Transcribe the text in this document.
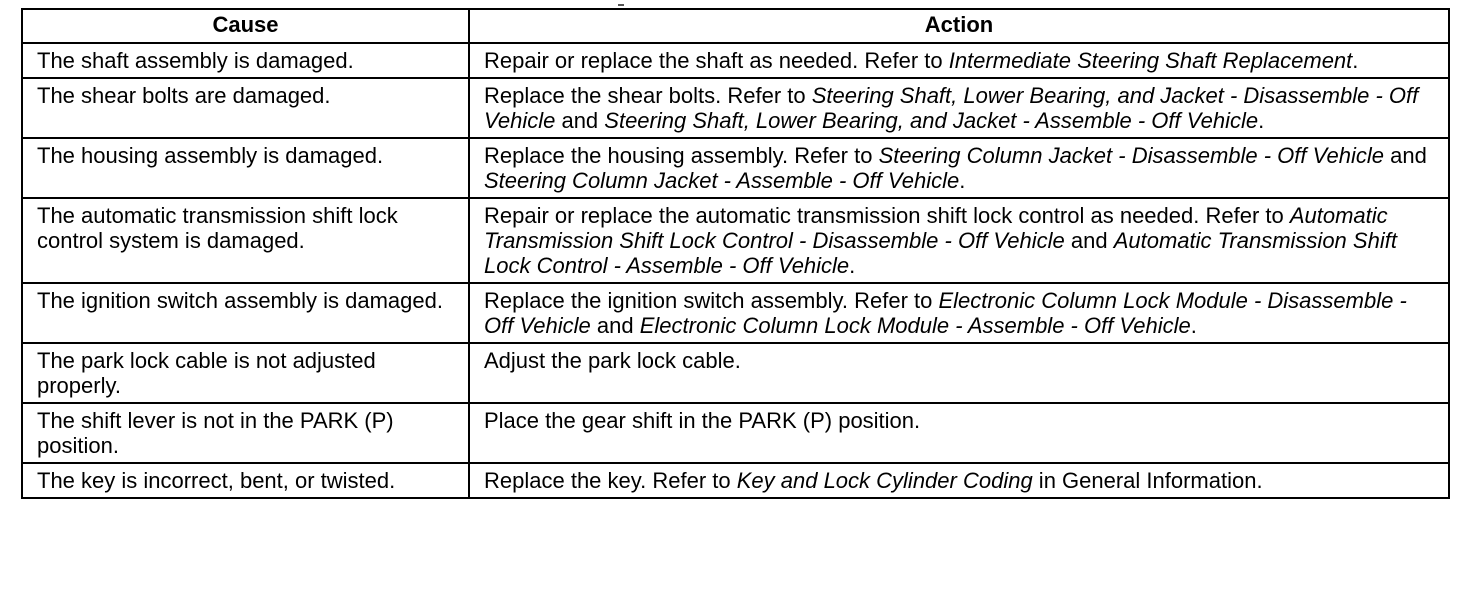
Cause	Action
The shaft assembly is damaged.	Repair or replace the shaft as needed. Refer to Intermediate Steering Shaft Replacement.
The shear bolts are damaged.	Replace the shear bolts. Refer to Steering Shaft, Lower Bearing, and Jacket - Disassemble - Off Vehicle and Steering Shaft, Lower Bearing, and Jacket - Assemble - Off Vehicle.
The housing assembly is damaged.	Replace the housing assembly. Refer to Steering Column Jacket - Disassemble - Off Vehicle and Steering Column Jacket - Assemble - Off Vehicle.
The automatic transmission shift lock control system is damaged.	Repair or replace the automatic transmission shift lock control as needed. Refer to Automatic Transmission Shift Lock Control - Disassemble - Off Vehicle and Automatic Transmission Shift Lock Control - Assemble - Off Vehicle.
The ignition switch assembly is damaged.	Replace the ignition switch assembly. Refer to Electronic Column Lock Module - Disassemble - Off Vehicle and Electronic Column Lock Module - Assemble - Off Vehicle.
The park lock cable is not adjusted properly.	Adjust the park lock cable.
The shift lever is not in the PARK (P) position.	Place the gear shift in the PARK (P) position.
The key is incorrect, bent, or twisted.	Replace the key. Refer to Key and Lock Cylinder Coding in General Information.
